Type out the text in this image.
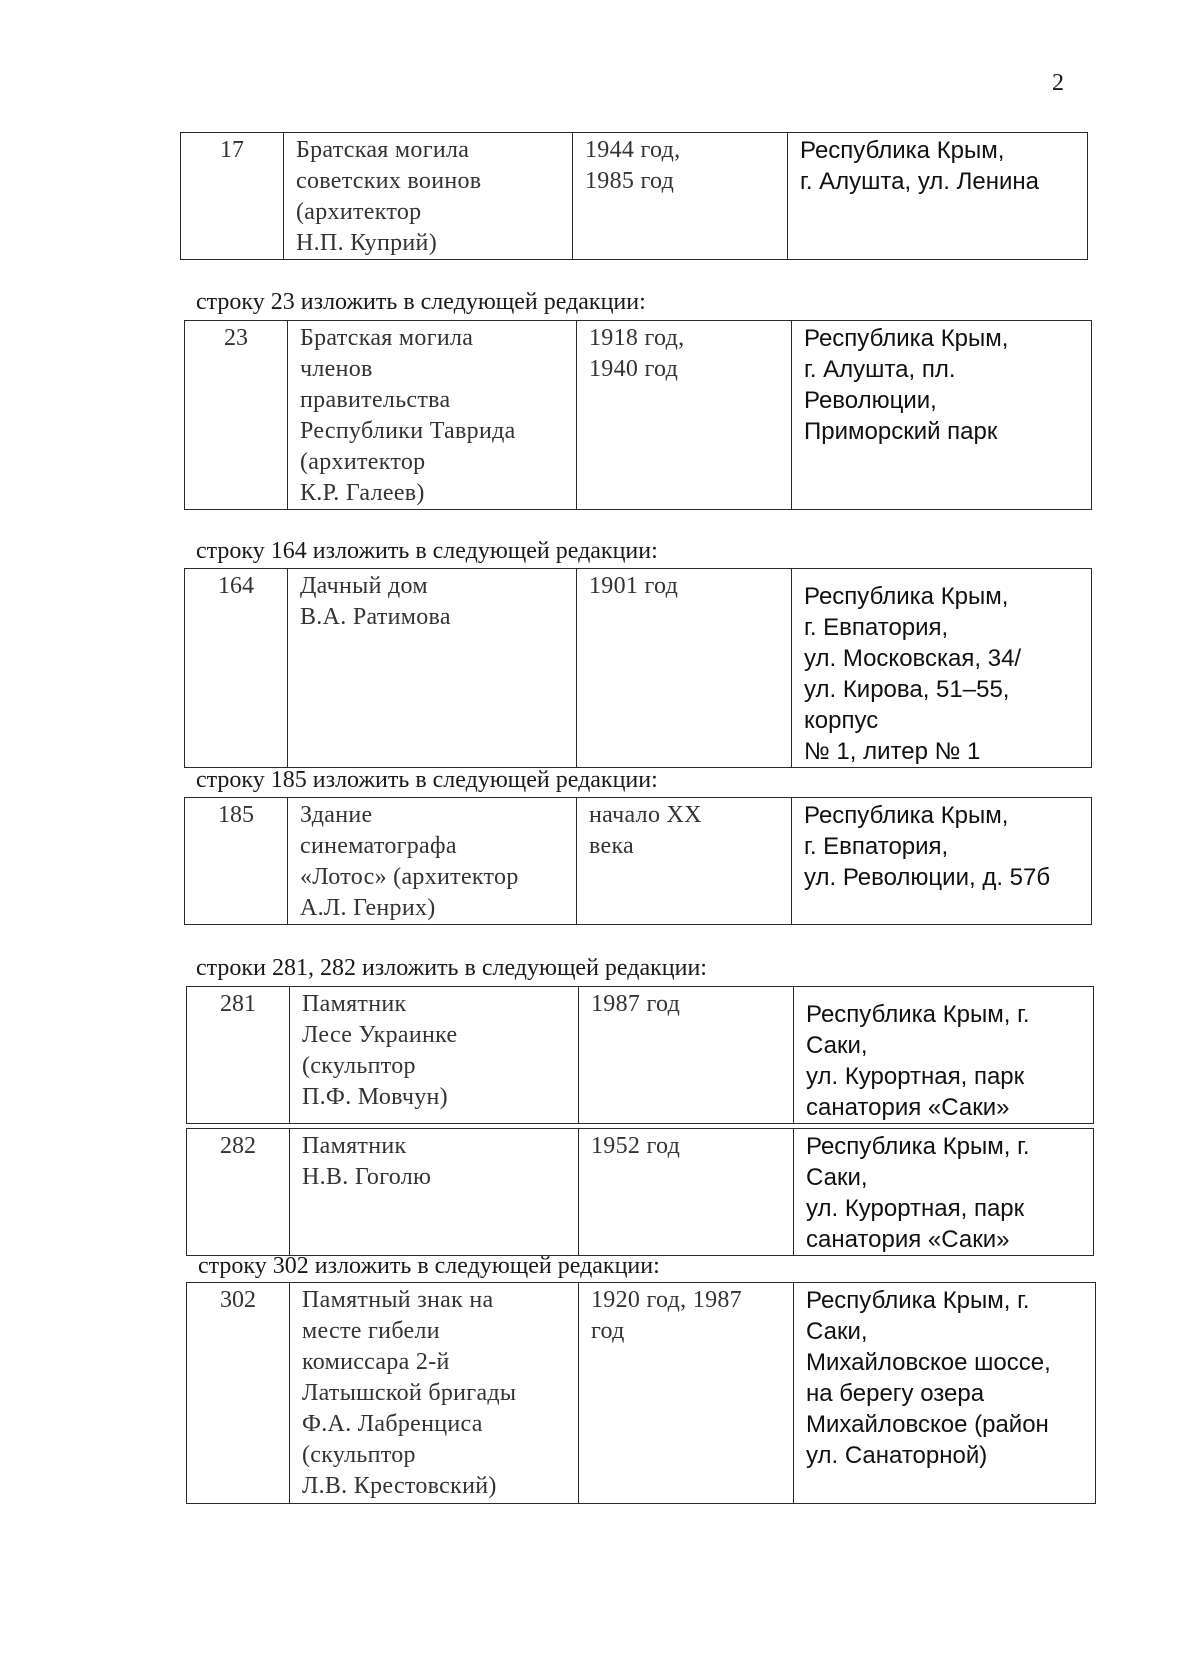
2
17	Братская могила
советских воинов
(архитектор
Н.П. Куприй)	1944 год,
1985 год	Республика Крым,
г. Алушта, ул. Ленина
строку 23 изложить в следующей редакции:
23	Братская могила
членов
правительства
Республики Таврида
(архитектор
К.Р. Галеев)	1918 год,
1940 год	Республика Крым,
г. Алушта, пл. Революции,
Приморский парк
строку 164 изложить в следующей редакции:
164	Дачный дом
В.А. Ратимова	1901 год	Республика Крым,
г. Евпатория,
ул. Московская, 34/
ул. Кирова, 51–55, корпус
№ 1, литер № 1
строку 185 изложить в следующей редакции:
185	Здание
синематографа
«Лотос» (архитектор
А.Л. Генрих)	начало XX
века	Республика Крым,
г. Евпатория,
ул. Революции, д. 57б
строки 281, 282 изложить в следующей редакции:
281	Памятник
Лесе Украинке
(скульптор
П.Ф. Мовчун)	1987 год	Республика Крым, г. Саки,
ул. Курортная, парк
санатория «Саки»
282	Памятник
Н.В. Гоголю	1952 год	Республика Крым, г. Саки,
ул. Курортная, парк
санатория «Саки»
строку 302 изложить в следующей редакции:
302	Памятный знак на
месте гибели
комиссара 2-й
Латышской бригады
Ф.А. Лабренциса
(скульптор
Л.В. Крестовский)	1920 год, 1987
год	Республика Крым, г. Саки,
Михайловское шоссе,
на берегу озера
Михайловское (район
ул. Санаторной)
